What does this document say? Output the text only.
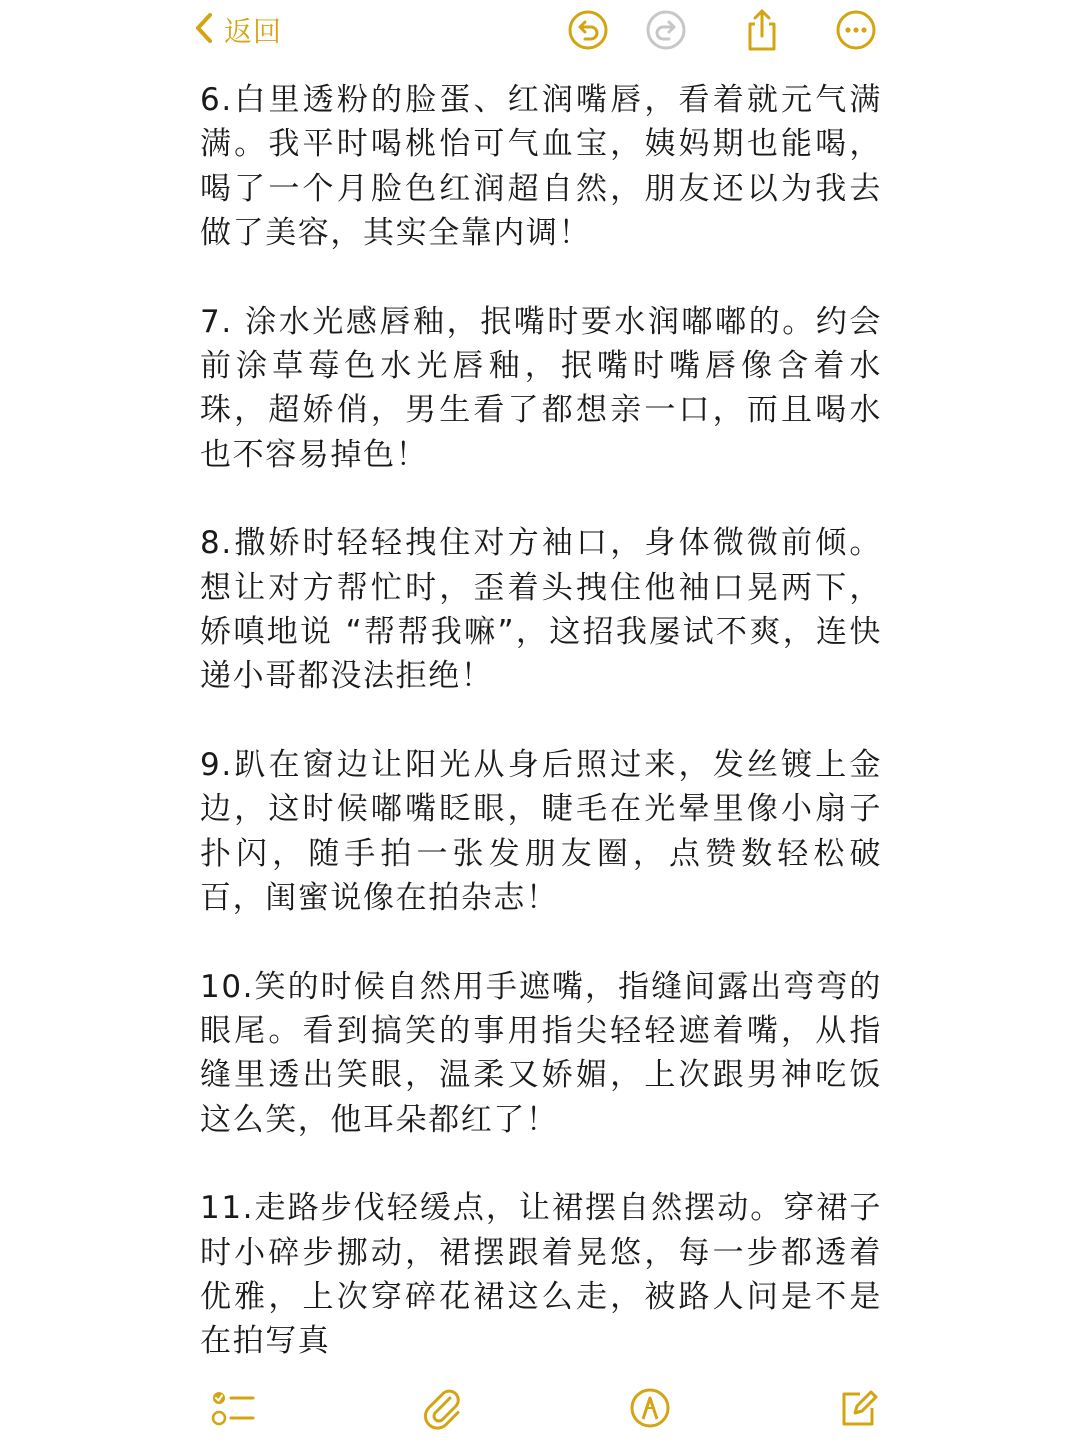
返回

6.白里透粉的脸蛋、红润嘴唇，看着就元气满满。我平时喝桃怡可气血宝，姨妈期也能喝，喝了一个月脸色红润超自然，朋友还以为我去做了美容，其实全靠内调！

7. 涂水光感唇釉，抿嘴时要水润嘟嘟的。约会前涂草莓色水光唇釉，抿嘴时嘴唇像含着水珠，超娇俏，男生看了都想亲一口，而且喝水也不容易掉色！

8.撒娇时轻轻拽住对方袖口，身体微微前倾。想让对方帮忙时，歪着头拽住他袖口晃两下，娇嗔地说 “帮帮我嘛”，这招我屡试不爽，连快递小哥都没法拒绝！

9.趴在窗边让阳光从身后照过来，发丝镀上金边，这时候嘟嘴眨眼，睫毛在光晕里像小扇子扑闪，随手拍一张发朋友圈，点赞数轻松破百，闺蜜说像在拍杂志！

10.笑的时候自然用手遮嘴，指缝间露出弯弯的眼尾。看到搞笑的事用指尖轻轻遮着嘴，从指缝里透出笑眼，温柔又娇媚，上次跟男神吃饭这么笑，他耳朵都红了！

11.走路步伐轻缓点，让裙摆自然摆动。穿裙子时小碎步挪动，裙摆跟着晃悠，每一步都透着优雅，上次穿碎花裙这么走，被路人问是不是在拍写真
